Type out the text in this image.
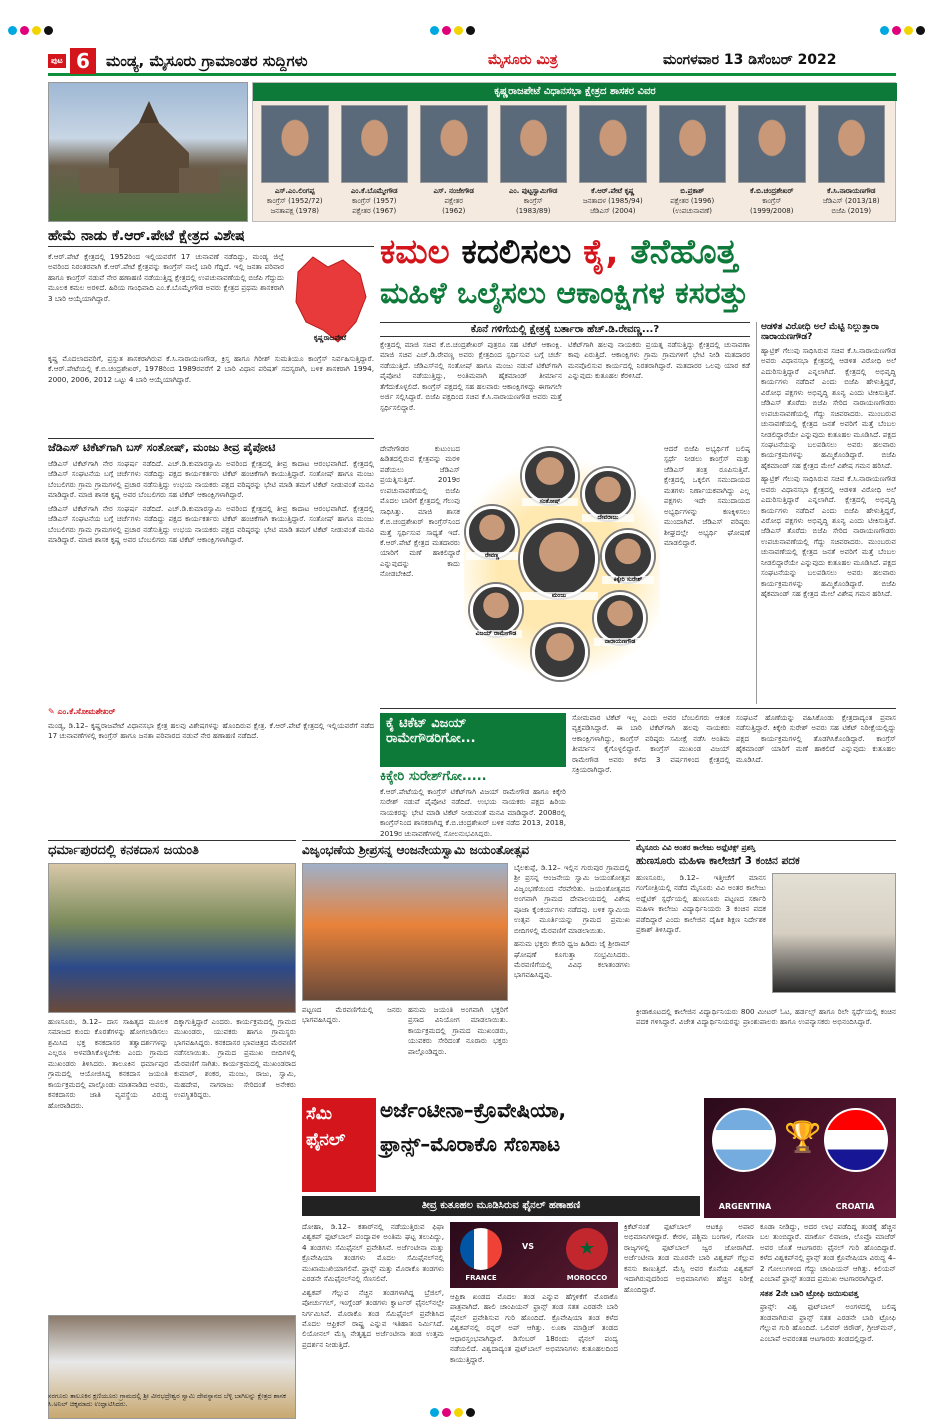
ಪುಟ 6	ಮಂಡ್ಯ, ಮೈಸೂರು ಗ್ರಾಮಾಂತರ ಸುದ್ದಿಗಳು	ಮೈಸೂರು ಮಿತ್ರ	ಮಂಗಳವಾರ 13 ಡಿಸೆಂಬರ್ 2022
ಕೃಷ್ಣರಾಜಪೇಟೆ ವಿಧಾನಸಭಾ ಕ್ಷೇತ್ರದ ಶಾಸಕರ ವಿವರ
ಎಸ್.ಎಂ.ಲಿಂಗಪ್ಪ
ಕಾಂಗ್ರೆಸ್ (1952/72)
ಜನತಾಪಕ್ಷ (1978)
ಎಂ.ಕೆ.ಬೊಮ್ಮೇಗೌಡ
ಕಾಂಗ್ರೆಸ್ (1957)
ಪಕ್ಷೇತರ (1967)
ಎಸ್. ನಂಜೇಗೌಡ
ಪಕ್ಷೇತರ
(1962)
ಎಂ. ಪುಟ್ಟಸ್ವಾಮಿಗೌಡ
ಕಾಂಗ್ರೆಸ್
(1983/89)
ಕೆ.ಆರ್.ಪೇಟೆ ಕೃಷ್ಣ
ಜನತಾದಳ (1985/94)
ಜೆಡಿಎಸ್ (2004)
ಬಿ.ಪ್ರಕಾಶ್
ಪಕ್ಷೇತರ (1996)
(ಉಪಚುನಾವಣೆ)
ಕೆ.ಬಿ.ಚಂದ್ರಶೇಖರ್
ಕಾಂಗ್ರೆಸ್
(1999/2008)
ಕೆ.ಸಿ.ನಾರಾಯಣಗೌಡ
ಜೆಡಿಎಸ್ (2013/18)
ಬಿಜೆಪಿ (2019)
ಹೇಮೆ ನಾಡು ಕೆ.ಆರ್.ಪೇಟೆ ಕ್ಷೇತ್ರದ ವಿಶೇಷ
ಕೃಷ್ಣರಾಜಪೇಟೆ

ಕೆ.ಆರ್.ಪೇಟೆ ಕ್ಷೇತ್ರದಲ್ಲಿ 1952ರಿಂದ ಇಲ್ಲಿಯವರೆಗೆ 17 ಚುನಾವಣೆ ನಡೆದಿದ್ದು, ಮಂಡ್ಯ ಜಿಲ್ಲೆ ಅವರಿಂದ ನಿರಂತರವಾಗಿ ಕೆ.ಆರ್.ಪೇಟೆ ಕ್ಷೇತ್ರವನ್ನು ಕಾಂಗ್ರೆಸ್ ನಾಲ್ಕೆ ಬಾರಿ ಗೆದ್ದಿದೆ. ಇಲ್ಲಿ ಜನತಾ ಪರಿವಾರ ಹಾಗೂ ಕಾಂಗ್ರೆಸ್ ನಡುವೆ ನೇರ ಹಣಾಹಣಿ ನಡೆಯುತ್ತಿದ್ದ ಕ್ಷೇತ್ರದಲ್ಲಿ ಉಪಚುನಾವಣೆಯಲ್ಲಿ ಬಿಜೆಪಿ ಗೆದ್ದುದು ಮೂಲಕ ಕಮಲ ಅರಳಿದೆ. ಹಿರಿಯ ಗಾಂಧಿವಾದಿ ಎಂ.ಕೆ.ಬೊಮ್ಮೇಗೌಡ ಅವರು ಕ್ಷೇತ್ರದ ಪ್ರಥಮ ಶಾಸಕರಾಗಿ 3 ಬಾರಿ ಆಯ್ಕೆಯಾಗಿದ್ದಾರೆ.

ಕೃಷ್ಣ ಮೊದಲಾದವರಿಗೆ, ಪ್ರಸ್ತುತ ಶಾಸಕರಾಗಿರುವ ಕೆ.ಸಿ.ನಾರಾಯಣಗೌಡ, ಕ್ರಿಸ್ತ ಹಾಗೂ ಗಿರೀಶ್ ಸುಮತಿಯೂ ಕಾಂಗ್ರೆಸ್ ನಿರ್ವಹಿಸುತ್ತಿದ್ದಾರೆ. ಕೆ.ಆರ್.ಪೇಟೆಯಲ್ಲಿ ಕೆ.ಬಿ.ಚಂದ್ರಶೇಖರ್, 1978ರಿಂದ 1989ರವರೆಗೆ 2 ಬಾರಿ ವಿಧಾನ ಪರಿಷತ್ ಸದಸ್ಯರಾಗಿ, ಬಳಿಕ ಶಾಸಕರಾಗಿ 1994, 2000, 2006, 2012 ಒಟ್ಟು 4 ಬಾರಿ ಆಯ್ಕೆಯಾಗಿದ್ದಾರೆ.

ಜೆಡಿಎಸ್ ಟಿಕೆಟ್‌ಗಾಗಿ ಬಸ್ ಸಂತೋಷ್, ಮಂಜು ತೀವ್ರ ಪೈಪೋಟಿ

ಜೆಡಿಎಸ್ ಟಿಕೆಟ್‌ಗಾಗಿ ನೇರ ಸಂಘರ್ಷ ನಡೆದಿದೆ. ಎಚ್.ಡಿ.ಕುಮಾರಸ್ವಾಮಿ ಅವರಿಂದ ಕ್ಷೇತ್ರದಲ್ಲಿ ತೀವ್ರ ಕಾದಾಟ ಆರಂಭವಾಗಿದೆ. ಕ್ಷೇತ್ರದಲ್ಲಿ ಜೆಡಿಎಸ್ ಸಂಘಟನೆಯ ಬಗ್ಗೆ ಚರ್ಚೆಗಳು ನಡೆದಿದ್ದು ಪಕ್ಷದ ಕಾರ್ಯಕರ್ತರು ಟಿಕೆಟ್ ಹಂಚಿಕೆಗಾಗಿ ಕಾಯುತ್ತಿದ್ದಾರೆ. ಸಂತೋಷ್ ಹಾಗೂ ಮಂಜು ಬೆಂಬಲಿಗರು ಗ್ರಾಮ ಗ್ರಾಮಗಳಲ್ಲಿ ಪ್ರಚಾರ ನಡೆಸುತ್ತಿದ್ದು ಉಭಯ ನಾಯಕರು ಪಕ್ಷದ ವರಿಷ್ಠರನ್ನು ಭೇಟಿ ಮಾಡಿ ತಮಗೆ ಟಿಕೆಟ್ ನೀಡುವಂತೆ ಮನವಿ ಮಾಡಿದ್ದಾರೆ. ಮಾಜಿ ಶಾಸಕ ಕೃಷ್ಣ ಅವರ ಬೆಂಬಲಿಗರು ಸಹ ಟಿಕೆಟ್ ಆಕಾಂಕ್ಷಿಗಳಾಗಿದ್ದಾರೆ.

ಜೆಡಿಎಸ್ ಟಿಕೆಟ್‌ಗಾಗಿ ನೇರ ಸಂಘರ್ಷ ನಡೆದಿದೆ. ಎಚ್.ಡಿ.ಕುಮಾರಸ್ವಾಮಿ ಅವರಿಂದ ಕ್ಷೇತ್ರದಲ್ಲಿ ತೀವ್ರ ಕಾದಾಟ ಆರಂಭವಾಗಿದೆ. ಕ್ಷೇತ್ರದಲ್ಲಿ ಜೆಡಿಎಸ್ ಸಂಘಟನೆಯ ಬಗ್ಗೆ ಚರ್ಚೆಗಳು ನಡೆದಿದ್ದು ಪಕ್ಷದ ಕಾರ್ಯಕರ್ತರು ಟಿಕೆಟ್ ಹಂಚಿಕೆಗಾಗಿ ಕಾಯುತ್ತಿದ್ದಾರೆ. ಸಂತೋಷ್ ಹಾಗೂ ಮಂಜು ಬೆಂಬಲಿಗರು ಗ್ರಾಮ ಗ್ರಾಮಗಳಲ್ಲಿ ಪ್ರಚಾರ ನಡೆಸುತ್ತಿದ್ದು ಉಭಯ ನಾಯಕರು ಪಕ್ಷದ ವರಿಷ್ಠರನ್ನು ಭೇಟಿ ಮಾಡಿ ತಮಗೆ ಟಿಕೆಟ್ ನೀಡುವಂತೆ ಮನವಿ ಮಾಡಿದ್ದಾರೆ. ಮಾಜಿ ಶಾಸಕ ಕೃಷ್ಣ ಅವರ ಬೆಂಬಲಿಗರು ಸಹ ಟಿಕೆಟ್ ಆಕಾಂಕ್ಷಿಗಳಾಗಿದ್ದಾರೆ.

✎ ಎಂ.ಕೆ.ಸೋಮಶೇಖರ್

ಮಂಡ್ಯ, ಡಿ.12– ಕೃಷ್ಣರಾಜಪೇಟೆ ವಿಧಾನಸಭಾ ಕ್ಷೇತ್ರ ಹಲವು ವಿಶೇಷಗಳನ್ನು ಹೊಂದಿರುವ ಕ್ಷೇತ್ರ. ಕೆ.ಆರ್.ಪೇಟೆ ಕ್ಷೇತ್ರದಲ್ಲಿ ಇಲ್ಲಿಯವರೆಗೆ ನಡೆದ 17 ಚುನಾವಣೆಗಳಲ್ಲಿ ಕಾಂಗ್ರೆಸ್ ಹಾಗೂ ಜನತಾ ಪರಿವಾರದ ನಡುವೆ ನೇರ ಹಣಾಹಣಿ ನಡೆದಿದೆ.

ಕಮಲ ಕದಲಿಸಲು ಕೈ, ತೆನೆಹೊತ್ತ
ಮಹಿಳೆ ಒಲೈಸಲು ಆಕಾಂಕ್ಷಿಗಳ ಕಸರತ್ತು
ಕೊನೆ ಗಳಿಗೆಯಲ್ಲಿ ಕ್ಷೇತ್ರಕ್ಕೆ ಬರ್ತಾರಾ ಹೆಚ್.ಡಿ.ರೇವಣ್ಣ...?

ಕ್ಷೇತ್ರದಲ್ಲಿ ಮಾಜಿ ಸಚಿವ ಕೆ.ಬಿ.ಚಂದ್ರಶೇಖರ್ ಪುತ್ರರೂ ಸಹ ಟಿಕೆಟ್ ಆಕಾಂಕ್ಷಿ. ಮಾಜಿ ಸಚಿವ ಎಚ್.ಡಿ.ರೇವಣ್ಣ ಅವರು ಕ್ಷೇತ್ರದಿಂದ ಸ್ಪರ್ಧಿಸುವ ಬಗ್ಗೆ ಚರ್ಚೆ ನಡೆಯುತ್ತಿದೆ. ಜೆಡಿಎಸ್‌ನಲ್ಲಿ ಸಂತೋಷ್ ಹಾಗೂ ಮಂಜು ನಡುವೆ ಟಿಕೆಟ್‌ಗಾಗಿ ಪೈಪೋಟಿ ನಡೆಯುತ್ತಿದ್ದು, ಅಂತಿಮವಾಗಿ ಹೈಕಮಾಂಡ್ ತೀರ್ಮಾನ ತೆಗೆದುಕೊಳ್ಳಲಿದೆ. ಕಾಂಗ್ರೆಸ್ ಪಕ್ಷದಲ್ಲಿ ಸಹ ಹಲವಾರು ಆಕಾಂಕ್ಷಿಗಳಿದ್ದು ಈಗಾಗಲೇ ಅರ್ಜಿ ಸಲ್ಲಿಸಿದ್ದಾರೆ. ಬಿಜೆಪಿ ಪಕ್ಷದಿಂದ ಸಚಿವ ಕೆ.ಸಿ.ನಾರಾಯಣಗೌಡ ಅವರು ಮತ್ತೆ ಸ್ಪರ್ಧಿಸಲಿದ್ದಾರೆ.

ಟಿಕೆಟ್‌ಗಾಗಿ ಹಲವು ನಾಯಕರು ಪ್ರಯತ್ನ ನಡೆಸುತ್ತಿದ್ದು ಕ್ಷೇತ್ರದಲ್ಲಿ ಚುನಾವಣಾ ಕಾವು ಏರುತ್ತಿದೆ. ಆಕಾಂಕ್ಷಿಗಳು ಗ್ರಾಮ ಗ್ರಾಮಗಳಿಗೆ ಭೇಟಿ ನೀಡಿ ಮತದಾರರ ಮನವೊಲಿಸುವ ಕಾರ್ಯದಲ್ಲಿ ನಿರತರಾಗಿದ್ದಾರೆ. ಮತದಾರರ ಒಲವು ಯಾರ ಕಡೆ ಎನ್ನುವುದು ಕುತೂಹಲ ಕೆರಳಿಸಿದೆ.

ದೇವೇಗೌಡರ ಕುಟುಂಬದ ಹಿಡಿತದಲ್ಲಿರುವ ಕ್ಷೇತ್ರವನ್ನು ಮರಳಿ ಪಡೆಯಲು ಜೆಡಿಎಸ್ ಪ್ರಯತ್ನಿಸುತ್ತಿದೆ. 2019ರ ಉಪಚುನಾವಣೆಯಲ್ಲಿ ಬಿಜೆಪಿ ಮೊದಲ ಬಾರಿಗೆ ಕ್ಷೇತ್ರದಲ್ಲಿ ಗೆಲುವು ಸಾಧಿಸಿತ್ತು. ಮಾಜಿ ಶಾಸಕ ಕೆ.ಬಿ.ಚಂದ್ರಶೇಖರ್ ಕಾಂಗ್ರೆಸ್‌ನಿಂದ ಮತ್ತೆ ಸ್ಪರ್ಧಿಸುವ ಸಾಧ್ಯತೆ ಇದೆ. ಕೆ.ಆರ್.ಪೇಟೆ ಕ್ಷೇತ್ರದ ಮತದಾರರು ಯಾರಿಗೆ ಮಣೆ ಹಾಕಲಿದ್ದಾರೆ ಎನ್ನುವುದನ್ನು ಕಾದು ನೋಡಬೇಕಿದೆ.

ಸಂತೋಷ್
ದೇವರಾಜು
ರೇವಣ್ಣ
ಮಂಜು
ಕಿಕ್ಕೇರಿ ಸುರೇಶ್
ವಿಜಯ್ ರಾಮೇಗೌಡ
ನಾರಾಯಣಗೌಡ

ಆದರೆ ಬಿಜೆಪಿ ಅಭ್ಯರ್ಥಿಗೆ ಬಲಿಷ್ಠ ಸ್ಪರ್ಧೆ ನೀಡಲು ಕಾಂಗ್ರೆಸ್ ಮತ್ತು ಜೆಡಿಎಸ್ ತಂತ್ರ ರೂಪಿಸುತ್ತಿವೆ. ಕ್ಷೇತ್ರದಲ್ಲಿ ಒಕ್ಕಲಿಗ ಸಮುದಾಯದ ಮತಗಳು ನಿರ್ಣಾಯಕವಾಗಿದ್ದು ಎಲ್ಲ ಪಕ್ಷಗಳು ಇದೇ ಸಮುದಾಯದ ಅಭ್ಯರ್ಥಿಗಳನ್ನು ಕಣಕ್ಕಿಳಿಸಲು ಮುಂದಾಗಿವೆ. ಜೆಡಿಎಸ್ ವರಿಷ್ಠರು ಶೀಘ್ರದಲ್ಲೇ ಅಭ್ಯರ್ಥಿ ಘೋಷಣೆ ಮಾಡಲಿದ್ದಾರೆ.

ಆಡಳಿತ ವಿರೋಧಿ ಅಲೆ ಮೆಟ್ಟಿ ನಿಲ್ಲುತ್ತಾರಾ ನಾರಾಯಣಗೌಡ?

ಹ್ಯಾಟ್ರಿಕ್ ಗೆಲುವು ಸಾಧಿಸಿರುವ ಸಚಿವ ಕೆ.ಸಿ.ನಾರಾಯಣಗೌಡ ಅವರು ವಿಧಾನಸಭಾ ಕ್ಷೇತ್ರದಲ್ಲಿ ಆಡಳಿತ ವಿರೋಧಿ ಅಲೆ ಎದುರಿಸುತ್ತಿದ್ದಾರೆ ಎನ್ನಲಾಗಿದೆ. ಕ್ಷೇತ್ರದಲ್ಲಿ ಅಭಿವೃದ್ಧಿ ಕಾರ್ಯಗಳು ನಡೆದಿವೆ ಎಂದು ಬಿಜೆಪಿ ಹೇಳುತ್ತಿದ್ದರೆ, ವಿರೋಧ ಪಕ್ಷಗಳು ಅಭಿವೃದ್ಧಿ ಶೂನ್ಯ ಎಂದು ಟೀಕಿಸುತ್ತಿವೆ. ಜೆಡಿಎಸ್ ತೊರೆದು ಬಿಜೆಪಿ ಸೇರಿದ ನಾರಾಯಣಗೌಡರು ಉಪಚುನಾವಣೆಯಲ್ಲಿ ಗೆದ್ದು ಸಚಿವರಾದರು. ಮುಂಬರುವ ಚುನಾವಣೆಯಲ್ಲಿ ಕ್ಷೇತ್ರದ ಜನತೆ ಅವರಿಗೆ ಮತ್ತೆ ಬೆಂಬಲ ನೀಡಲಿದ್ದಾರೆಯೇ ಎನ್ನುವುದು ಕುತೂಹಲ ಮೂಡಿಸಿದೆ. ಪಕ್ಷದ ಸಂಘಟನೆಯನ್ನು ಬಲಪಡಿಸಲು ಅವರು ಹಲವಾರು ಕಾರ್ಯಕ್ರಮಗಳನ್ನು ಹಮ್ಮಿಕೊಂಡಿದ್ದಾರೆ. ಬಿಜೆಪಿ ಹೈಕಮಾಂಡ್ ಸಹ ಕ್ಷೇತ್ರದ ಮೇಲೆ ವಿಶೇಷ ಗಮನ ಹರಿಸಿದೆ.

ಹ್ಯಾಟ್ರಿಕ್ ಗೆಲುವು ಸಾಧಿಸಿರುವ ಸಚಿವ ಕೆ.ಸಿ.ನಾರಾಯಣಗೌಡ ಅವರು ವಿಧಾನಸಭಾ ಕ್ಷೇತ್ರದಲ್ಲಿ ಆಡಳಿತ ವಿರೋಧಿ ಅಲೆ ಎದುರಿಸುತ್ತಿದ್ದಾರೆ ಎನ್ನಲಾಗಿದೆ. ಕ್ಷೇತ್ರದಲ್ಲಿ ಅಭಿವೃದ್ಧಿ ಕಾರ್ಯಗಳು ನಡೆದಿವೆ ಎಂದು ಬಿಜೆಪಿ ಹೇಳುತ್ತಿದ್ದರೆ, ವಿರೋಧ ಪಕ್ಷಗಳು ಅಭಿವೃದ್ಧಿ ಶೂನ್ಯ ಎಂದು ಟೀಕಿಸುತ್ತಿವೆ. ಜೆಡಿಎಸ್ ತೊರೆದು ಬಿಜೆಪಿ ಸೇರಿದ ನಾರಾಯಣಗೌಡರು ಉಪಚುನಾವಣೆಯಲ್ಲಿ ಗೆದ್ದು ಸಚಿವರಾದರು. ಮುಂಬರುವ ಚುನಾವಣೆಯಲ್ಲಿ ಕ್ಷೇತ್ರದ ಜನತೆ ಅವರಿಗೆ ಮತ್ತೆ ಬೆಂಬಲ ನೀಡಲಿದ್ದಾರೆಯೇ ಎನ್ನುವುದು ಕುತೂಹಲ ಮೂಡಿಸಿದೆ. ಪಕ್ಷದ ಸಂಘಟನೆಯನ್ನು ಬಲಪಡಿಸಲು ಅವರು ಹಲವಾರು ಕಾರ್ಯಕ್ರಮಗಳನ್ನು ಹಮ್ಮಿಕೊಂಡಿದ್ದಾರೆ. ಬಿಜೆಪಿ ಹೈಕಮಾಂಡ್ ಸಹ ಕ್ಷೇತ್ರದ ಮೇಲೆ ವಿಶೇಷ ಗಮನ ಹರಿಸಿದೆ.

ಕೈ ಟಿಕೆಟ್ ವಿಜಯ್
ರಾಮೇಗೌಡರಿಗೋ...
ಕಿಕ್ಕೇರಿ ಸುರೇಶ್‌ಗೋ.....

ಕೆ.ಆರ್.ಪೇಟೆಯಲ್ಲಿ ಕಾಂಗ್ರೆಸ್ ಟಿಕೆಟ್‌ಗಾಗಿ ವಿಜಯ್ ರಾಮೇಗೌಡ ಹಾಗೂ ಕಿಕ್ಕೇರಿ ಸುರೇಶ್ ನಡುವೆ ಪೈಪೋಟಿ ನಡೆದಿದೆ. ಉಭಯ ನಾಯಕರು ಪಕ್ಷದ ಹಿರಿಯ ನಾಯಕರನ್ನು ಭೇಟಿ ಮಾಡಿ ಟಿಕೆಟ್ ನೀಡುವಂತೆ ಮನವಿ ಮಾಡಿದ್ದಾರೆ. 2008ರಲ್ಲಿ ಕಾಂಗ್ರೆಸ್‌ನಿಂದ ಶಾಸಕರಾಗಿದ್ದ ಕೆ.ಬಿ.ಚಂದ್ರಶೇಖರ್ ಬಳಿಕ ನಡೆದ 2013, 2018, 2019ರ ಚುನಾವಣೆಗಳಲ್ಲಿ ಸೋಲನುಭವಿಸಿದ್ದರು.

ಸೋಮವಾರ ಟಿಕೆಟ್ ಇಲ್ಲ ಎಂದು ಅವರ ಬೆಂಬಲಿಗರು ಆತಂಕ ವ್ಯಕ್ತಪಡಿಸಿದ್ದಾರೆ. ಈ ಬಾರಿ ಟಿಕೆಟ್‌ಗಾಗಿ ಹಲವು ನಾಯಕರು ಆಕಾಂಕ್ಷಿಗಳಾಗಿದ್ದು, ಕಾಂಗ್ರೆಸ್ ವರಿಷ್ಠರು ಸಮೀಕ್ಷೆ ನಡೆಸಿ ಅಂತಿಮ ತೀರ್ಮಾನ ಕೈಗೊಳ್ಳಲಿದ್ದಾರೆ. ಕಾಂಗ್ರೆಸ್ ಮುಖಂಡ ವಿಜಯ್ ರಾಮೇಗೌಡ ಅವರು ಕಳೆದ 3 ವರ್ಷಗಳಿಂದ ಕ್ಷೇತ್ರದಲ್ಲಿ ಸಕ್ರಿಯರಾಗಿದ್ದಾರೆ.

ಸಂಘಟನೆ ಹೊಣೆಯನ್ನು ವಹಿಸಿಕೊಂಡು ಕ್ಷೇತ್ರದಾದ್ಯಂತ ಪ್ರವಾಸ ನಡೆಸುತ್ತಿದ್ದಾರೆ. ಕಿಕ್ಕೇರಿ ಸುರೇಶ್ ಅವರು ಸಹ ಟಿಕೆಟ್ ನಿರೀಕ್ಷೆಯಲ್ಲಿದ್ದು ಪಕ್ಷದ ಕಾರ್ಯಕ್ರಮಗಳಲ್ಲಿ ತೊಡಗಿಸಿಕೊಂಡಿದ್ದಾರೆ. ಕಾಂಗ್ರೆಸ್ ಹೈಕಮಾಂಡ್ ಯಾರಿಗೆ ಮಣೆ ಹಾಕಲಿದೆ ಎನ್ನುವುದು ಕುತೂಹಲ ಮೂಡಿಸಿದೆ.

ಧರ್ಮಾಪುರದಲ್ಲಿ ಕನಕದಾಸ ಜಯಂತಿ

ಹುಣಸೂರು, ಡಿ.12– ದಾಸ ಸಾಹಿತ್ಯದ ಮೂಲಕ ಸಮಾಜದ ಕುಂದು ಕೊರತೆಗಳನ್ನು ಹೋಗಲಾಡಿಸಲು ಶ್ರಮಿಸಿದ ಭಕ್ತ ಕನಕದಾಸರ ತತ್ವಾದರ್ಶಗಳನ್ನು ಎಲ್ಲರೂ ಅಳವಡಿಸಿಕೊಳ್ಳಬೇಕು ಎಂದು ಗ್ರಾಮದ ಮುಖಂಡರು ತಿಳಿಸಿದರು. ತಾಲೂಕಿನ ಧರ್ಮಾಪುರ ಗ್ರಾಮದಲ್ಲಿ ಆಯೋಜಿಸಿದ್ದ ಕನಕದಾಸ ಜಯಂತಿ ಕಾರ್ಯಕ್ರಮದಲ್ಲಿ ಪಾಲ್ಗೊಂಡು ಮಾತನಾಡಿದ ಅವರು, ಕನಕದಾಸರು ಜಾತಿ ವ್ಯವಸ್ಥೆಯ ವಿರುದ್ಧ ಹೋರಾಡಿದರು.

ದಿಕ್ಕಾಗುತ್ತಿದ್ದಾರೆ ಎಂದರು. ಕಾರ್ಯಕ್ರಮದಲ್ಲಿ ಗ್ರಾಮದ ಮುಖಂಡರು, ಯುವಕರು ಹಾಗೂ ಗ್ರಾಮಸ್ಥರು ಭಾಗವಹಿಸಿದ್ದರು. ಕನಕದಾಸರ ಭಾವಚಿತ್ರದ ಮೆರವಣಿಗೆ ನಡೆಸಲಾಯಿತು. ಗ್ರಾಮದ ಪ್ರಮುಖ ಬೀದಿಗಳಲ್ಲಿ ಮೆರವಣಿಗೆ ಸಾಗಿತು. ಕಾರ್ಯಕ್ರಮದಲ್ಲಿ ಮುಖಂಡರಾದ ಕುಮಾರ್, ಶಂಕರ, ಮಂಜು, ರಾಜು, ಸ್ವಾಮಿ, ಮಹದೇವ, ನಾಗರಾಜು ಸೇರಿದಂತೆ ಅನೇಕರು ಉಪಸ್ಥಿತರಿದ್ದರು.

ಸರಗೂರು ತಾಲೂಕಿನ ಕ್ಷಣಿಯೂರು ಗ್ರಾಮದಲ್ಲಿ ಶ್ರೀ ವೀರಭದ್ರೇಶ್ವರ ಸ್ವಾಮಿ ದೇವಸ್ಥಾನದ ಬೆಳ್ಳಿ ಬಾಗಿಲನ್ನು ಕ್ಷೇತ್ರದ ಶಾಸಕ ಸಿ.ಅನಿಲ್ ಚಿಕ್ಕಮಾದು ಉದ್ಘಾಟಿಸಿದರು.
ವಿಜೃಂಭಣೆಯ ಶ್ರೀಪ್ರಸನ್ನ ಆಂಜನೇಯಸ್ವಾಮಿ ಜಯಂತೋತ್ಸವ

ಬೈಲಕುಪ್ಪೆ, ಡಿ.12– ಇಲ್ಲಿನ ಗುರುಪುರ ಗ್ರಾಮದಲ್ಲಿ ಶ್ರೀ ಪ್ರಸನ್ನ ಆಂಜನೇಯ ಸ್ವಾಮಿ ಜಯಂತೋತ್ಸವ ವಿಜೃಂಭಣೆಯಿಂದ ನೆರವೇರಿತು. ಜಯಂತೋತ್ಸವದ ಅಂಗವಾಗಿ ಗ್ರಾಮದ ದೇವಾಲಯದಲ್ಲಿ ವಿಶೇಷ ಪೂಜಾ ಕೈಂಕರ್ಯಗಳು ನಡೆದವು. ಬಳಿಕ ಸ್ವಾಮಿಯ ಉತ್ಸವ ಮೂರ್ತಿಯನ್ನು ಗ್ರಾಮದ ಪ್ರಮುಖ ಬೀದಿಗಳಲ್ಲಿ ಮೆರವಣಿಗೆ ಮಾಡಲಾಯಿತು.

ಹನುಮ ಭಕ್ತರು ಕೇಸರಿ ಧ್ವಜ ಹಿಡಿದು ಜೈ ಶ್ರೀರಾಮ್ ಘೋಷಣೆ ಕೂಗುತ್ತಾ ಸಂಭ್ರಮಿಸಿದರು. ಮೆರವಣಿಗೆಯಲ್ಲಿ ವಿವಿಧ ಕಲಾತಂಡಗಳು ಭಾಗವಹಿಸಿದ್ದವು.

ಪಟ್ಟಣದ ಮೆರವಣಿಗೆಯಲ್ಲಿ ಜನರು ಭಾಗವಹಿಸಿದ್ದರು.

ಹನುಮ ಜಯಂತಿ ಅಂಗವಾಗಿ ಭಕ್ತರಿಗೆ ಪ್ರಸಾದ ವಿನಿಯೋಗ ಮಾಡಲಾಯಿತು. ಕಾರ್ಯಕ್ರಮದಲ್ಲಿ ಗ್ರಾಮದ ಮುಖಂಡರು, ಯುವಕರು ಸೇರಿದಂತೆ ನೂರಾರು ಭಕ್ತರು ಪಾಲ್ಗೊಂಡಿದ್ದರು.

ಮೈಸೂರು ವಿವಿ ಅಂತರ ಕಾಲೇಜು ಅಥ್ಲೆಟಿಕ್ಸ್ ಪ್ರಶಸ್ತಿ
ಹುಣಸೂರು ಮಹಿಳಾ ಕಾಲೇಜಿಗೆ 3 ಕಂಚಿನ ಪದಕ

ಹುಣಸೂರು, ಡಿ.12– ಇತ್ತೀಚೆಗೆ ಮಾನಸ ಗಂಗೋತ್ರಿಯಲ್ಲಿ ನಡೆದ ಮೈಸೂರು ವಿವಿ ಅಂತರ ಕಾಲೇಜು ಅಥ್ಲೆಟಿಕ್ ಸ್ಪರ್ಧೆಯಲ್ಲಿ ಹುಣಸೂರು ಪಟ್ಟಣದ ಸರ್ಕಾರಿ ಮಹಿಳಾ ಕಾಲೇಜು ವಿದ್ಯಾರ್ಥಿನಿಯರು 3 ಕಂಚಿನ ಪದಕ ಪಡೆದಿದ್ದಾರೆ ಎಂದು ಕಾಲೇಜಿನ ದೈಹಿಕ ಶಿಕ್ಷಣ ನಿರ್ದೇಶಕ ಪ್ರಕಾಶ್ ತಿಳಿಸಿದ್ದಾರೆ.

ಕ್ರೀಡಾಕೂಟದಲ್ಲಿ ಕಾಲೇಜಿನ ವಿದ್ಯಾರ್ಥಿನಿಯರು 800 ಮೀಟರ್ ಓಟ, ಹರ್ಡಲ್ಸ್ ಹಾಗೂ ರಿಲೇ ಸ್ಪರ್ಧೆಯಲ್ಲಿ ಕಂಚಿನ ಪದಕ ಗಳಿಸಿದ್ದಾರೆ. ವಿಜೇತ ವಿದ್ಯಾರ್ಥಿನಿಯರನ್ನು ಪ್ರಾಂಶುಪಾಲರು ಹಾಗೂ ಉಪನ್ಯಾಸಕರು ಅಭಿನಂದಿಸಿದ್ದಾರೆ.

ಸೆಮಿ
ಫೈನಲ್
ಅರ್ಜೆಂಟೀನಾ–ಕ್ರೊವೇಷಿಯಾ,
ಫ್ರಾನ್ಸ್–ಮೊರಾಕೊ ಸೆಣಸಾಟ	🏆
ARGENTINA	CROATIA
ತೀವ್ರ ಕುತೂಹಲ ಮೂಡಿಸಿರುವ ಫೈನಲ್ ಹಣಾಹಣಿ

ದೋಹಾ, ಡಿ.12– ಕತಾರ್‌ನಲ್ಲಿ ನಡೆಯುತ್ತಿರುವ ಫಿಫಾ ವಿಶ್ವಕಪ್ ಫುಟ್‌ಬಾಲ್ ಪಂದ್ಯಾವಳಿ ಅಂತಿಮ ಘಟ್ಟ ತಲುಪಿದ್ದು, 4 ತಂಡಗಳು ಸೆಮಿಫೈನಲ್ ಪ್ರವೇಶಿಸಿವೆ. ಅರ್ಜೆಂಟೀನಾ ಮತ್ತು ಕ್ರೊವೇಷಿಯಾ ತಂಡಗಳು ಮೊದಲ ಸೆಮಿಫೈನಲ್‌ನಲ್ಲಿ ಮುಖಾಮುಖಿಯಾಗಲಿವೆ. ಫ್ರಾನ್ಸ್ ಮತ್ತು ಮೊರಾಕೊ ತಂಡಗಳು ಎರಡನೇ ಸೆಮಿಫೈನಲ್‌ನಲ್ಲಿ ಸೆಣಸಲಿವೆ.

ವಿಶ್ವಕಪ್ ಗೆಲ್ಲುವ ನೆಚ್ಚಿನ ತಂಡಗಳಾಗಿದ್ದ ಬ್ರೆಜಿಲ್, ಪೋರ್ಚುಗಲ್, ಇಂಗ್ಲೆಂಡ್ ತಂಡಗಳು ಕ್ವಾರ್ಟರ್ ಫೈನಲ್‌ನಲ್ಲೇ ನಿರ್ಗಮಿಸಿವೆ. ಮೊರಾಕೊ ತಂಡ ಸೆಮಿಫೈನಲ್ ಪ್ರವೇಶಿಸಿದ ಮೊದಲ ಆಫ್ರಿಕನ್ ರಾಷ್ಟ್ರ ಎನ್ನುವ ಇತಿಹಾಸ ನಿರ್ಮಿಸಿದೆ. ಲಿಯೋನಲ್ ಮೆಸ್ಸಿ ನೇತೃತ್ವದ ಅರ್ಜೆಂಟೀನಾ ತಂಡ ಉತ್ತಮ ಪ್ರದರ್ಶನ ನೀಡುತ್ತಿದೆ.

VS	★
FRANCE	MOROCCO

ಆಫ್ರಿಕಾ ಖಂಡದ ಮೊದಲ ತಂಡ ಎನ್ನುವ ಹೆಗ್ಗಳಿಕೆಗೆ ಮೊರಾಕೊ ಪಾತ್ರವಾಗಿದೆ. ಹಾಲಿ ಚಾಂಪಿಯನ್ ಫ್ರಾನ್ಸ್ ತಂಡ ಸತತ ಎರಡನೇ ಬಾರಿ ಫೈನಲ್ ಪ್ರವೇಶಿಸುವ ಗುರಿ ಹೊಂದಿದೆ. ಕ್ರೊವೇಷಿಯಾ ತಂಡ ಕಳೆದ ವಿಶ್ವಕಪ್‌ನಲ್ಲಿ ರನ್ನರ್ ಅಪ್ ಆಗಿತ್ತು. ಲೂಕಾ ಮಾಡ್ರಿಚ್ ತಂಡದ ಆಧಾರಸ್ತಂಭವಾಗಿದ್ದಾರೆ. ಡಿಸೆಂಬರ್ 18ರಂದು ಫೈನಲ್ ಪಂದ್ಯ ನಡೆಯಲಿದೆ. ವಿಶ್ವದಾದ್ಯಂತ ಫುಟ್‌ಬಾಲ್ ಅಭಿಮಾನಿಗಳು ಕುತೂಹಲದಿಂದ ಕಾಯುತ್ತಿದ್ದಾರೆ.

ಕ್ರಿಕೆಟ್‌ನಂತೆ ಫುಟ್‌ಬಾಲ್ ಆಟಕ್ಕೂ ಅಪಾರ ಅಭಿಮಾನಿಗಳಿದ್ದಾರೆ. ಕೇರಳ, ಪಶ್ಚಿಮ ಬಂಗಾಳ, ಗೋವಾ ರಾಜ್ಯಗಳಲ್ಲಿ ಫುಟ್‌ಬಾಲ್ ಜ್ವರ ಜೋರಾಗಿದೆ. ಅರ್ಜೆಂಟೀನಾ ತಂಡ ಮೂರನೇ ಬಾರಿ ವಿಶ್ವಕಪ್ ಗೆಲ್ಲುವ ಕನಸು ಕಾಣುತ್ತಿದೆ. ಮೆಸ್ಸಿ ಅವರ ಕೊನೆಯ ವಿಶ್ವಕಪ್ ಇದಾಗಿರುವುದರಿಂದ ಅಭಿಮಾನಿಗಳು ಹೆಚ್ಚಿನ ನಿರೀಕ್ಷೆ ಹೊಂದಿದ್ದಾರೆ.

ಕೂಡಾ ನೀಡಿದ್ದು, ಅದರ ಲಾಭ ಪಡೆದಿದ್ದ ತಂಡಕ್ಕೆ ಹೆಚ್ಚಿನ ಬಲ ತುಂಬಿದ್ದಾರೆ. ಮಾರ್ಕೊ ಲಿವಾಜಾ, ಲೊವ್ರೊ ಮಾಜೆರ್ ಅವರ ಜೊತೆ ಆಟಗಾರರು ಫೈನಲ್ ಗುರಿ ಹೊಂದಿದ್ದಾರೆ. ಕಳೆದ ವಿಶ್ವಕಪ್‌ನಲ್ಲಿ ಫ್ರಾನ್ಸ್ ತಂಡ ಕ್ರೊವೇಷಿಯಾ ವಿರುದ್ಧ 4–2 ಗೋಲುಗಳಿಂದ ಗೆದ್ದು ಚಾಂಪಿಯನ್ ಆಗಿತ್ತು. ಕಿಲಿಯನ್ ಎಂಬಾಪೆ ಫ್ರಾನ್ಸ್ ತಂಡದ ಪ್ರಮುಖ ಆಟಗಾರರಾಗಿದ್ದಾರೆ.

ಸತತ 2ನೇ ಬಾರಿ ಟ್ರೋಫಿ ಜಯಿಸುವತ್ತ

ಫ್ರಾನ್ಸ್: ವಿಶ್ವ ಫುಟ್‌ಬಾಲ್ ಅಂಗಳದಲ್ಲಿ ಬಲಿಷ್ಠ ತಂಡವಾಗಿರುವ ಫ್ರಾನ್ಸ್ ಸತತ ಎರಡನೇ ಬಾರಿ ಟ್ರೋಫಿ ಗೆಲ್ಲುವ ಗುರಿ ಹೊಂದಿದೆ. ಒಲಿವರ್ ಜಿರೌಡ್, ಗ್ರೀಜ್‌ಮನ್, ಎಂಬಾಪೆ ಅವರಂತಹ ಆಟಗಾರರು ತಂಡದಲ್ಲಿದ್ದಾರೆ.
